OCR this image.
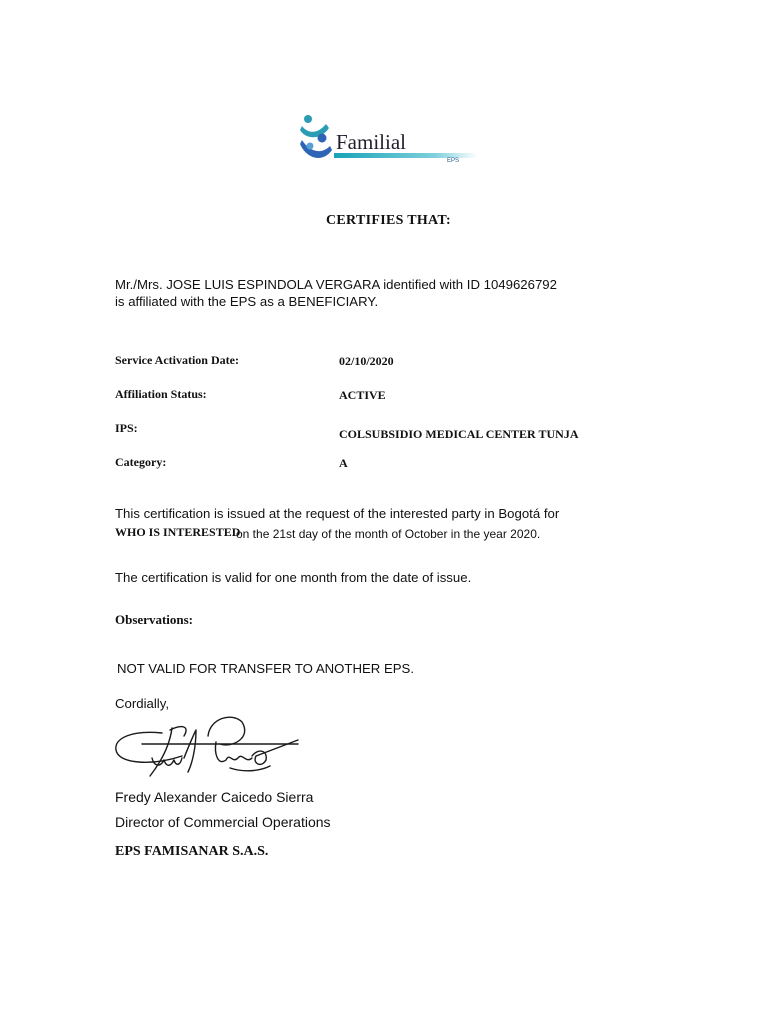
Familial
EPS
CERTIFIES THAT:
Mr./Mrs. JOSE LUIS ESPINDOLA VERGARA identified with ID 1049626792
is affiliated with the EPS as a BENEFICIARY.
Service Activation Date:	02/10/2020
Affiliation Status:	ACTIVE
IPS:	COLSUBSIDIO MEDICAL CENTER TUNJA
Category:	A
This certification is issued at the request of the interested party in Bogotá for
WHO IS INTERESTED
on the 21st day of the month of October in the year 2020.
The certification is valid for one month from the date of issue.
Observations:
NOT VALID FOR TRANSFER TO ANOTHER EPS.
Cordially,
Fredy Alexander Caicedo Sierra
Director of Commercial Operations
EPS FAMISANAR S.A.S.
